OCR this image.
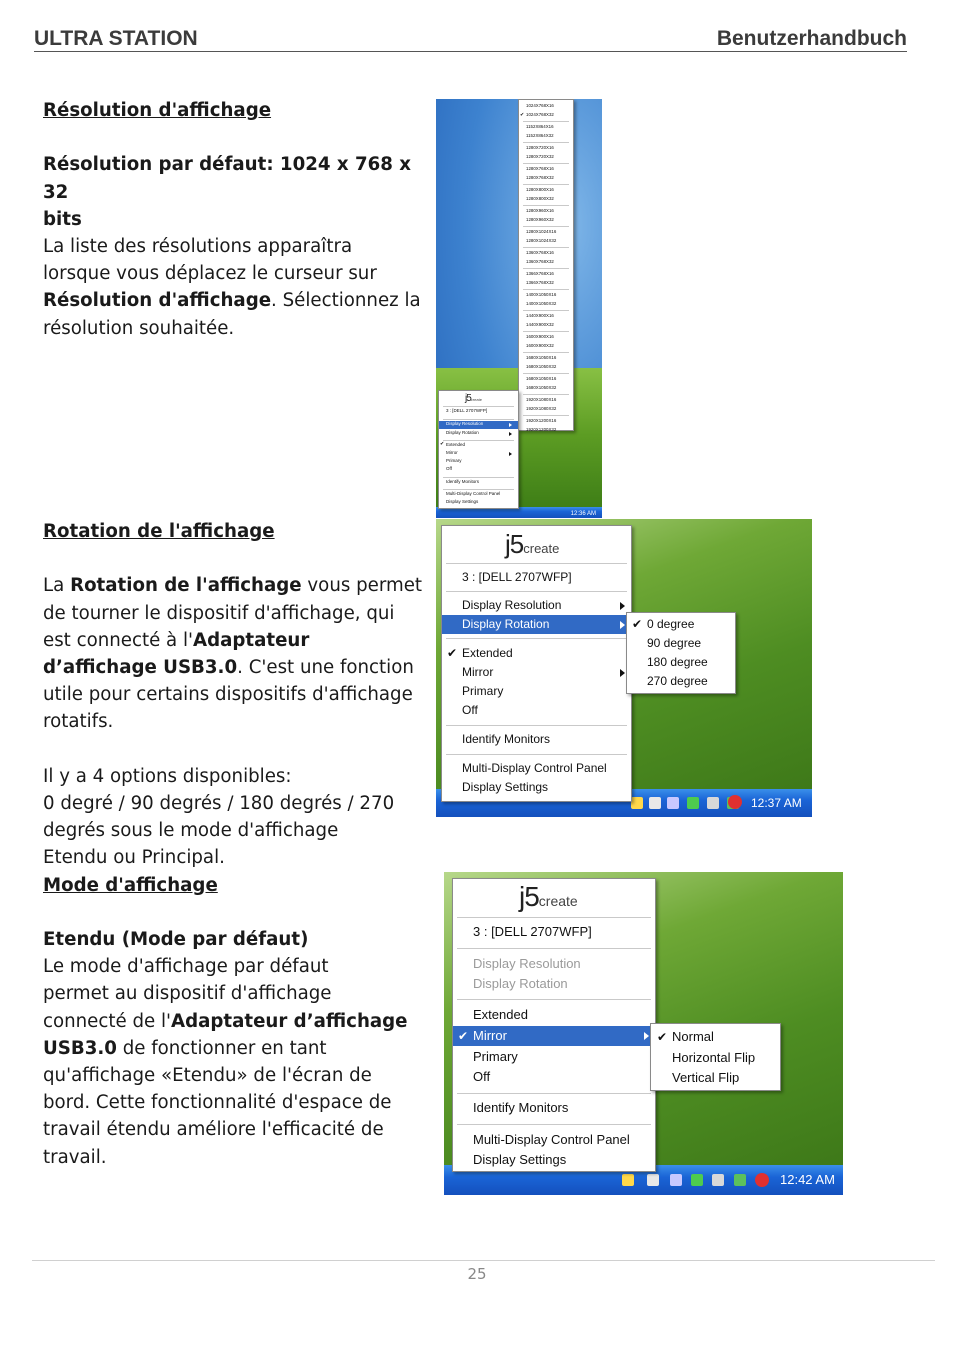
ULTRA STATION	Benutzerhandbuch
Résolution d'affichage
Résolution par défaut: 1024 x 768 x 32
bits
La liste des résolutions apparaîtra
lorsque vous déplacez le curseur sur
Résolution d'affichage. Sélectionnez la
résolution souhaitée.
Rotation de l'affichage
La Rotation de l'affichage vous permet
de tourner le dispositif d'affichage, qui
est connecté à l'Adaptateur
d’affichage USB3.0. C'est une fonction
utile pour certains dispositifs d'affichage
rotatifs.
Il y a 4 options disponibles:
0 degré / 90 degrés / 180 degrés / 270
degrés sous le mode d'affichage
Etendu ou Principal.
Mode d'affichage
Etendu (Mode par défaut)
Le mode d'affichage par défaut
permet au dispositif d'affichage
connecté de l'Adaptateur d’affichage
USB3.0 de fonctionner en tant
qu'affichage «Etendu» de l'écran de
bord. Cette fonctionnalité d'espace de
travail étendu améliore l'efficacité de
travail.
12:36 AM
1024X768X16
1024X768X32
✔
1152X864X16
1152X864X32
1280X720X16
1280X720X32
1280X768X16
1280X768X32
1280X800X16
1280X800X32
1280X960X16
1280X960X32
1280X1024X16
1280X1024X32
1360X768X16
1360X768X32
1366X768X16
1366X768X32
1400X1050X16
1400X1050X32
1440X900X16
1440X900X32
1600X900X16
1600X900X32
1680X1050X16
1680X1050X32
1680X1050X16
1680X1050X32
1920X1080X16
1920X1080X32
1920X1200X16
1920X1200X32
j5create
3 : [DELL 2707WFP]
Display Resolution
Display Rotation
✔ Extended
Mirror
Primary
Off
Identify Monitors
Multi-Display Control Panel
Display Settings
12:37 AM
j5create
3 : [DELL 2707WFP]
Display Resolution
Display Rotation
✔ Extended
Mirror
Primary
Off
Identify Monitors
Multi-Display Control Panel
Display Settings
0 degree
✔
90 degree
180 degree
270 degree
12:42 AM
j5create
3 : [DELL 2707WFP]
Display Resolution
Display Rotation
Extended
✔ Mirror
Primary
Off
Identify Monitors
Multi-Display Control Panel
Display Settings
Normal
✔
Horizontal Flip
Vertical Flip
25
